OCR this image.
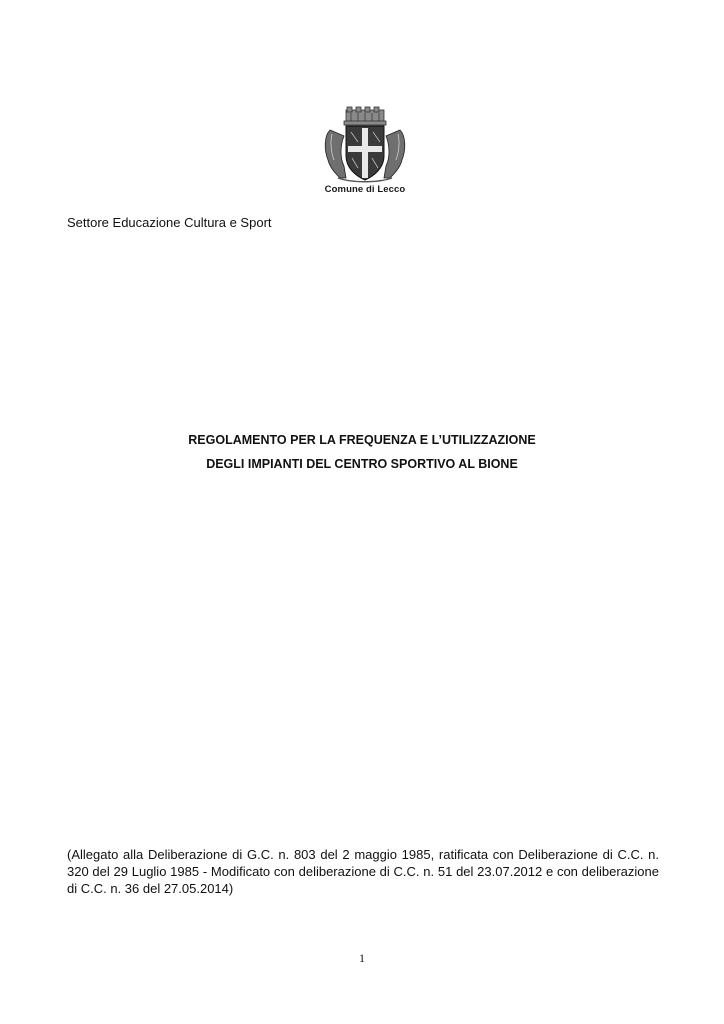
Comune di Lecco
Settore Educazione Cultura e Sport
REGOLAMENTO PER LA FREQUENZA E L’UTILIZZAZIONE
DEGLI IMPIANTI DEL CENTRO SPORTIVO AL BIONE
(Allegato alla Deliberazione di G.C. n. 803 del 2 maggio 1985, ratificata con Deliberazione di C.C. n. 320 del 29 Luglio 1985 - Modificato con deliberazione di C.C. n. 51 del 23.07.2012 e con deliberazione di C.C. n. 36 del 27.05.2014)
1
